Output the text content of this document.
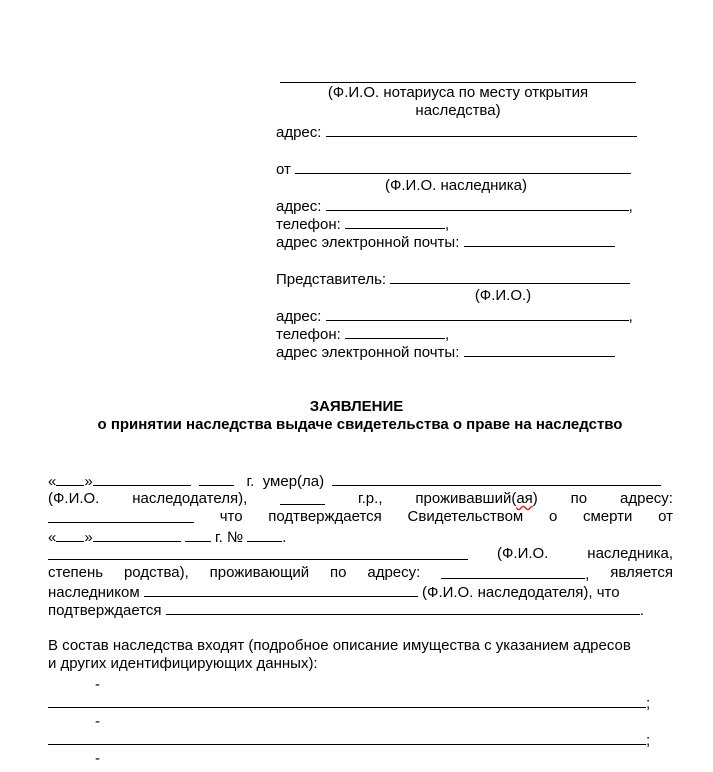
(Ф.И.О. нотариуса по месту открытия
наследства)
адрес:
от
(Ф.И.О. наследника)
адрес:	,
телефон:	,
адрес электронной почты:
Представитель:
(Ф.И.О.)
адрес:	,
телефон:	,
адрес электронной почты:
ЗАЯВЛЕНИЕ
о принятии наследства выдаче свидетельства о праве на наследство
« »	г. умер(ла)
(Ф.И.О. наследодателя),	г.р., проживавший(ая) по адресу:
что подтверждается Свидетельством о смерти от
« »	г. №	.
(Ф.И.О.	наследника,
степень родства), проживающий по адресу:	, является
наследником	(Ф.И.О. наследодателя), что
подтверждается	.
В состав наследства входят (подробное описание имущества с указанием адресов
и других идентифицирующих данных):
-
;
-
;
-
